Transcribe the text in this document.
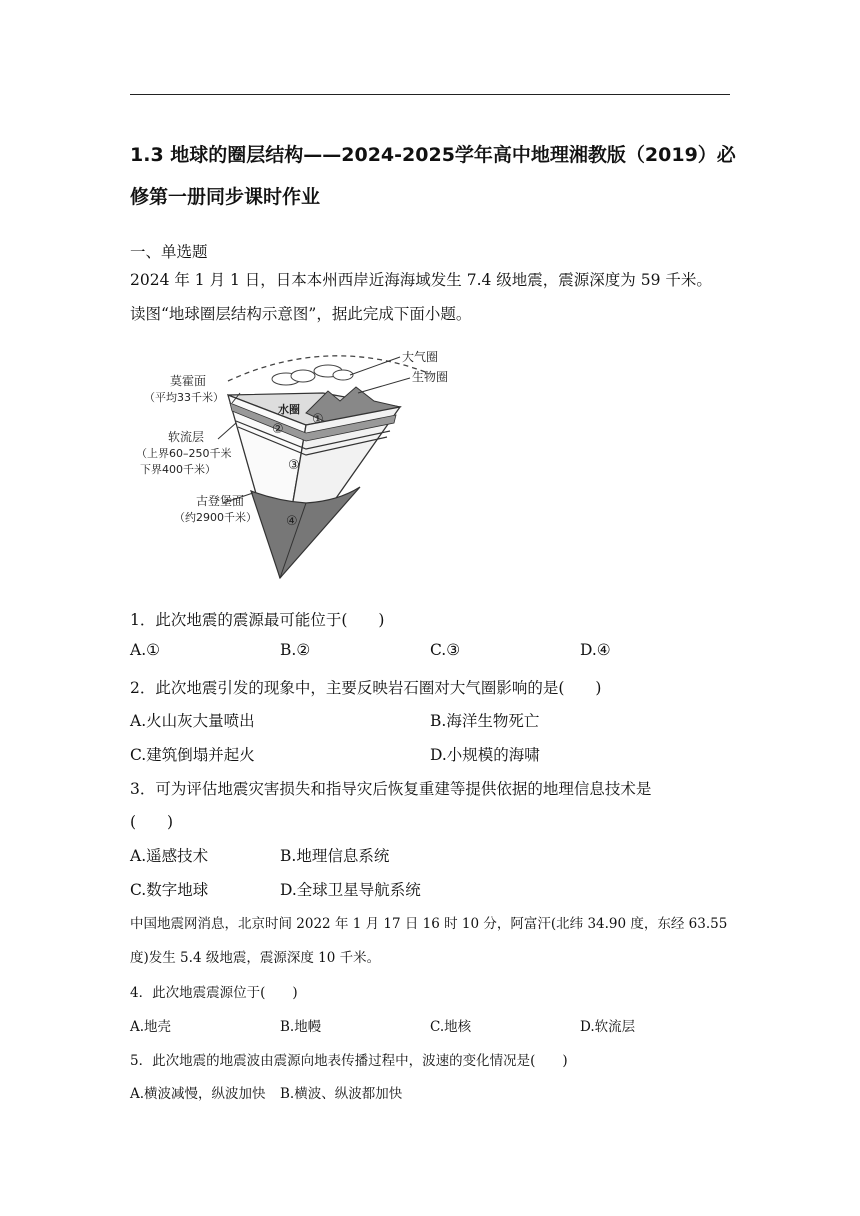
1.3 地球的圈层结构——2024-2025学年高中地理湘教版（2019）必
修第一册同步课时作业
一、单选题
2024 年 1 月 1 日，日本本州西岸近海海域发生 7.4 级地震，震源深度为 59 千米。
读图“地球圈层结构示意图”，据此完成下面小题。
大气圈
生物圈
水圈
莫霍面
（平均33千米）
软流层
（上界60–250千米
下界400千米）
古登堡面
（约2900千米）
①
②
③
④
1．此次地震的震源最可能位于(　　)
A.①	B.②	C.③	D.④
2．此次地震引发的现象中，主要反映岩石圈对大气圈影响的是(　　)
A.火山灰大量喷出	B.海洋生物死亡
C.建筑倒塌并起火	D.小规模的海啸
3．可为评估地震灾害损失和指导灾后恢复重建等提供依据的地理信息技术是
(　　)
A.遥感技术	B.地理信息系统
C.数字地球	D.全球卫星导航系统
中国地震网消息，北京时间 2022 年 1 月 17 日 16 时 10 分，阿富汗(北纬 34.90 度，东经 63.55
度)发生 5.4 级地震，震源深度 10 千米。
4．此次地震震源位于(　　)
A.地壳	B.地幔	C.地核	D.软流层
5．此次地震的地震波由震源向地表传播过程中，波速的变化情况是(　　)
A.横波减慢，纵波加快 B.横波、纵波都加快
